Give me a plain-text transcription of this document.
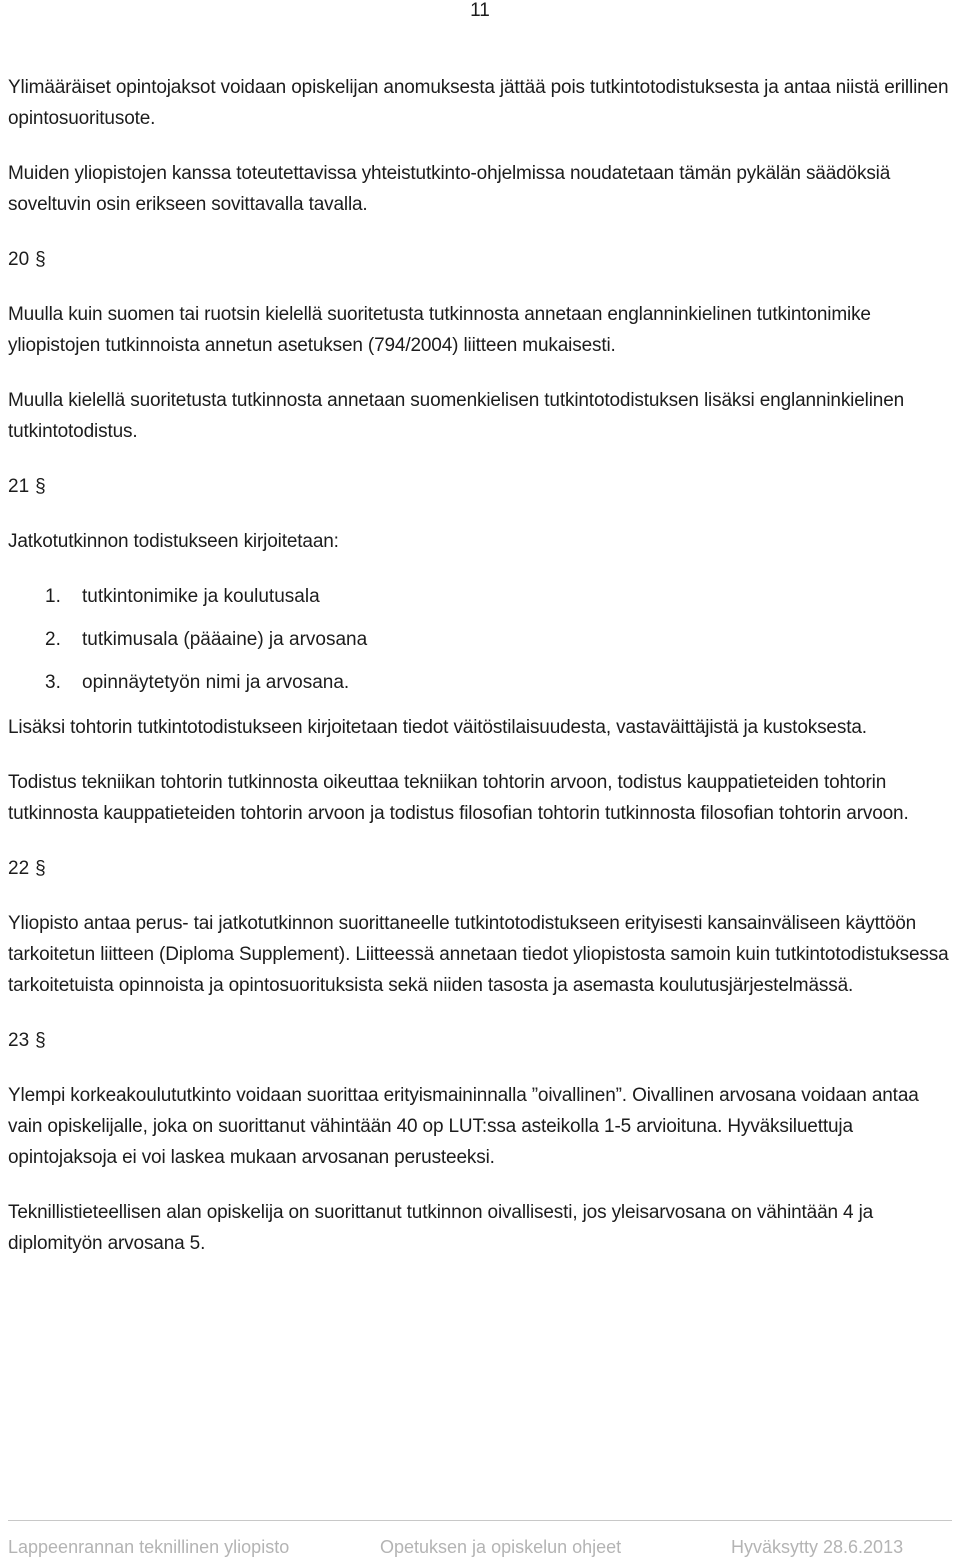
11

Ylimääräiset opintojaksot voidaan opiskelijan anomuksesta jättää pois tutkintotodistuksesta ja antaa niistä erillinen opintosuoritusote.

Muiden yliopistojen kanssa toteutettavissa yhteistutkinto-ohjelmissa noudatetaan tämän pykälän säädöksiä soveltuvin osin erikseen sovittavalla tavalla.

20 §

Muulla kuin suomen tai ruotsin kielellä suoritetusta tutkinnosta annetaan englanninkielinen tutkintonimike yliopistojen tutkinnoista annetun asetuksen (794/2004) liitteen mukaisesti.

Muulla kielellä suoritetusta tutkinnosta annetaan suomenkielisen tutkintotodistuksen lisäksi englanninkielinen tutkintotodistus.

21 §

Jatkotutkinnon todistukseen kirjoitetaan:

1.	tutkintonimike ja koulutusala
2.	tutkimusala (pääaine) ja arvosana
3.	opinnäytetyön nimi ja arvosana.

Lisäksi tohtorin tutkintotodistukseen kirjoitetaan tiedot väitöstilaisuudesta, vastaväittäjistä ja kustoksesta.

Todistus tekniikan tohtorin tutkinnosta oikeuttaa tekniikan tohtorin arvoon, todistus kauppatieteiden tohtorin tutkinnosta kauppatieteiden tohtorin arvoon ja todistus filosofian tohtorin tutkinnosta filosofian tohtorin arvoon.

22 §

Yliopisto antaa perus- tai jatkotutkinnon suorittaneelle tutkintotodistukseen erityisesti kansainväliseen käyttöön tarkoitetun liitteen (Diploma Supplement). Liitteessä annetaan tiedot yliopistosta samoin kuin tutkintotodistuksessa tarkoitetuista opinnoista ja opintosuorituksista sekä niiden tasosta ja asemasta koulutusjärjestelmässä.

23 §

Ylempi korkeakoulututkinto voidaan suorittaa erityismaininnalla ”oivallinen”. Oivallinen arvosana voidaan antaa vain opiskelijalle, joka on suorittanut vähintään 40 op LUT:ssa asteikolla 1-5 arvioituna. Hyväksiluettuja opintojaksoja ei voi laskea mukaan arvosanan perusteeksi.

Teknillistieteellisen alan opiskelija on suorittanut tutkinnon oivallisesti, jos yleisarvosana on vähintään 4 ja diplomityön arvosana 5.

Lappeenrannan teknillinen yliopisto	Opetuksen ja opiskelun ohjeet	Hyväksytty 28.6.2013
